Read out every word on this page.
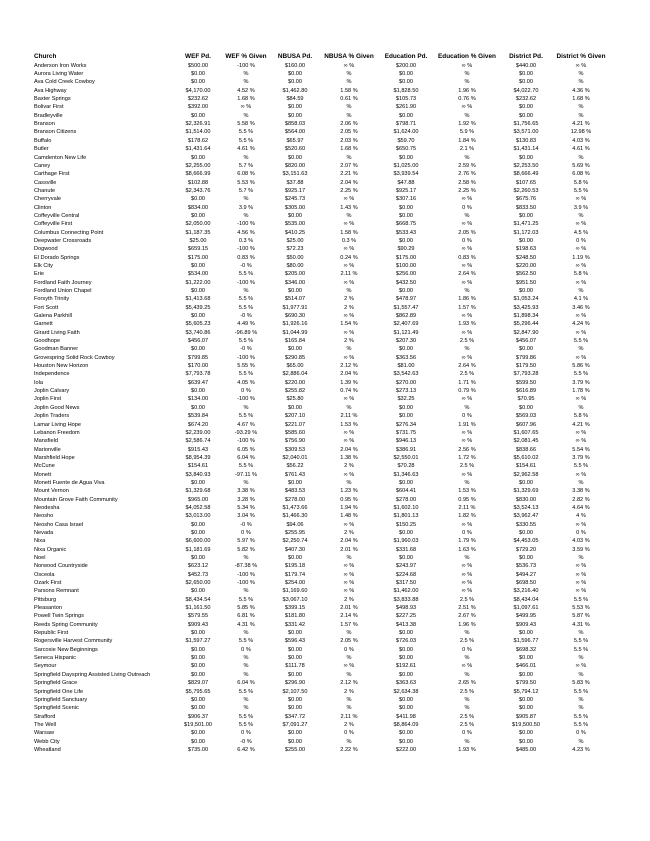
Church	WEF Pd.	WEF % Given	NBUSA Pd.	NBUSA % Given	Education Pd.	Education % Given	District Pd.	District % Given
Anderson Iron Works	$500.00	-100 %	$160.00	∞ %	$200.00	∞ %	$440.00	∞ %
Aurora Living Water	$0.00	%	$0.00	%	$0.00	%	$0.00	%
Ava Cold Creek Cowboy	$0.00	%	$0.00	%	$0.00	%	$0.00	%
Ava Highway	$4,170.00	4.52 %	$1,462.80	1.58 %	$1,828.50	1.96 %	$4,022.70	4.36 %
Baxter Springs	$232.62	1.68 %	$84.59	0.61 %	$105.73	0.76 %	$232.62	1.68 %
Bolivar First	$392.00	∞ %	$0.00	%	$261.90	∞ %	$0.00	%
Bradleyville	$0.00	%	$0.00	%	$0.00	%	$0.00	%
Branson	$2,326.91	5.58 %	$858.03	2.06 %	$798.71	1.92 %	$1,756.65	4.21 %
Branson Citizens	$1,514.00	5.5 %	$564.00	2.05 %	$1,624.00	5.9 %	$3,571.00	12.98 %
Buffalo	$178.62	5.5 %	$65.97	2.03 %	$59.70	1.84 %	$130.83	4.03 %
Butler	$1,431.64	4.61 %	$520.60	1.68 %	$650.75	2.1 %	$1,431.14	4.61 %
Camdenton New Life	$0.00	%	$0.00	%	$0.00	%	$0.00	%
Caney	$2,255.00	5.7 %	$820.00	2.07 %	$1,025.00	2.59 %	$2,253.50	5.69 %
Carthage First	$8,666.99	6.08 %	$3,151.63	2.21 %	$3,939.54	2.76 %	$8,666.49	6.08 %
Cassville	$102.88	5.53 %	$37.88	2.04 %	$47.88	2.58 %	$107.65	5.8 %
Chanute	$2,343.76	5.7 %	$925.17	2.25 %	$925.17	2.25 %	$2,260.53	5.5 %
Cherryvale	$0.00	%	$245.73	∞ %	$307.16	∞ %	$675.76	∞ %
Clinton	$834.00	3.9 %	$305.00	1.43 %	$0.00	0 %	$833.50	3.9 %
Coffeyville Central	$0.00	%	$0.00	%	$0.00	%	$0.00	%
Coffeyville First	$2,050.00	-100 %	$535.00	∞ %	$668.75	∞ %	$1,471.25	∞ %
Columbus Connecting Point	$1,187.35	4.56 %	$410.25	1.58 %	$533.43	2.05 %	$1,172.03	4.5 %
Deepwater Crossroads	$25.00	0.3 %	$25.00	0.3 %	$0.00	0 %	$0.00	0 %
Dogwood	$659.15	-100 %	$72.23	∞ %	$90.29	∞ %	$198.63	∞ %
El Dorado Springs	$175.00	0.83 %	$50.00	0.24 %	$175.00	0.83 %	$248.50	1.19 %
Elk City	$0.00	-0 %	$80.00	∞ %	$100.00	∞ %	$220.00	∞ %
Erie	$534.00	5.5 %	$205.00	2.11 %	$256.00	2.64 %	$562.50	5.8 %
Fordland Faith Journey	$1,222.00	-100 %	$346.00	∞ %	$432.50	∞ %	$951.50	∞ %
Fordland Union Chapel	$0.00	%	$0.00	%	$0.00	%	$0.00	%
Forsyth Trinity	$1,413.68	5.5 %	$514.07	2 %	$478.97	1.86 %	$1,053.24	4.1 %
Fort Scott	$5,439.25	5.5 %	$1,977.91	2 %	$1,557.47	1.57 %	$3,425.93	3.46 %
Galena Parkhill	$0.00	-0 %	$690.30	∞ %	$862.89	∞ %	$1,898.34	∞ %
Garnett	$5,605.23	4.49 %	$1,926.16	1.54 %	$2,407.69	1.93 %	$5,296.44	4.24 %
Girard Living Faith	$3,740.86	-96.89 %	$1,044.99	∞ %	$1,121.49	∞ %	$2,847.90	∞ %
Goodhope	$456.07	5.5 %	$165.84	2 %	$207.30	2.5 %	$456.07	5.5 %
Goodman Banner	$0.00	-0 %	$0.00	%	$0.00	%	$0.00	%
Grovespring Solid Rock Cowboy	$799.85	-100 %	$290.85	∞ %	$363.56	∞ %	$799.86	∞ %
Houston New Horizon	$170.00	5.55 %	$65.00	2.12 %	$81.00	2.64 %	$179.50	5.86 %
Independence	$7,793.78	5.5 %	$2,886.04	2.04 %	$3,542.63	2.5 %	$7,793.28	5.5 %
Iola	$639.47	4.05 %	$220.00	1.39 %	$270.00	1.71 %	$599.50	3.79 %
Joplin Calvary	$0.00	0 %	$255.82	0.74 %	$273.13	0.79 %	$616.89	1.78 %
Joplin First	$134.00	-100 %	$25.80	∞ %	$32.25	∞ %	$70.95	∞ %
Joplin Good News	$0.00	%	$0.00	%	$0.00	%	$0.00	%
Joplin Traders	$539.84	5.5 %	$207.10	2.11 %	$0.00	0 %	$569.03	5.8 %
Lamar Living Hope	$674.20	4.67 %	$221.07	1.53 %	$276.34	1.91 %	$607.96	4.21 %
Lebanon Freedom	$2,239.00	-93.29 %	$585.60	∞ %	$731.75	∞ %	$1,607.65	∞ %
Mansfield	$2,586.74	-100 %	$756.90	∞ %	$946.13	∞ %	$2,081.45	∞ %
Marionville	$915.43	6.05 %	$309.53	2.04 %	$386.91	2.56 %	$838.66	5.54 %
Marshfield Hope	$8,954.39	6.04 %	$2,040.01	1.38 %	$2,550.01	1.72 %	$5,610.02	3.79 %
McCune	$154.61	5.5 %	$56.22	2 %	$70.28	2.5 %	$154.61	5.5 %
Monett	$3,840.93	-97.11 %	$761.43	∞ %	$1,346.63	∞ %	$2,962.58	∞ %
Monett Fuente de Agua Viva	$0.00	%	$0.00	%	$0.00	%	$0.00	%
Mount Vernon	$1,329.68	3.38 %	$483.53	1.23 %	$604.41	1.53 %	$1,329.69	3.38 %
Mountain Grove Faith Community	$965.00	3.28 %	$278.00	0.95 %	$278.00	0.95 %	$830.00	2.82 %
Neodesha	$4,052.58	5.34 %	$1,473.66	1.94 %	$1,602.10	2.11 %	$3,524.13	4.64 %
Neosho	$3,013.00	3.04 %	$1,466.30	1.48 %	$1,801.13	1.82 %	$3,962.47	4 %
Neosho Casa Israel	$0.00	-0 %	$94.06	∞ %	$150.25	∞ %	$330.55	∞ %
Nevada	$0.00	0 %	$255.95	2 %	$0.00	0 %	$0.00	0 %
Nixa	$6,600.00	5.97 %	$2,250.74	2.04 %	$1,960.03	1.79 %	$4,453.05	4.03 %
Nixa Organic	$1,181.69	5.82 %	$407.30	2.01 %	$331.68	1.63 %	$729.20	3.59 %
Noel	$0.00	%	$0.00	%	$0.00	%	$0.00	%
Norwood Countryside	$623.12	-87.38 %	$195.18	∞ %	$243.97	∞ %	$536.73	∞ %
Osceola	$452.73	-100 %	$179.74	∞ %	$224.68	∞ %	$494.27	∞ %
Ozark First	$2,650.00	-100 %	$254.00	∞ %	$317.50	∞ %	$698.50	∞ %
Parsons Remnant	$0.00	%	$1,169.60	∞ %	$1,462.00	∞ %	$3,216.40	∞ %
Pittsburg	$8,434.54	5.5 %	$3,067.10	2 %	$3,833.88	2.5 %	$8,434.04	5.5 %
Pleasanton	$1,161.50	5.85 %	$399.15	2.01 %	$498.93	2.51 %	$1,097.61	5.53 %
Powell Twin Springs	$579.55	6.81 %	$181.80	2.14 %	$227.25	2.67 %	$499.95	5.87 %
Reeds Spring Community	$909.43	4.31 %	$331.42	1.57 %	$413.38	1.96 %	$909.43	4.31 %
Republic First	$0.00	%	$0.00	%	$0.00	%	$0.00	%
Rogersville Harvest Community	$1,597.27	5.5 %	$596.43	2.05 %	$726.03	2.5 %	$1,596.77	5.5 %
Sarcoxie New Beginnings	$0.00	0 %	$0.00	0 %	$0.00	0 %	$698.32	5.5 %
Seneca Hispanic	$0.00	%	$0.00	%	$0.00	%	$0.00	%
Seymour	$0.00	%	$111.78	∞ %	$192.61	∞ %	$466.01	∞ %
Springfield Dayspring Assisted Living Outreach	$0.00	%	$0.00	%	$0.00	%	$0.00	%
Springfield Grace	$829.07	6.04 %	$296.90	2.12 %	$363.63	2.65 %	$799.50	5.83 %
Springfield One Life	$5,795.65	5.5 %	$2,107.50	2 %	$2,634.38	2.5 %	$5,794.12	5.5 %
Springfield Sanctuary	$0.00	%	$0.00	%	$0.00	%	$0.00	%
Springfield Scenic	$0.00	%	$0.00	%	$0.00	%	$0.00	%
Strafford	$906.37	5.5 %	$347.72	2.11 %	$411.98	2.5 %	$905.87	5.5 %
The Well	$19,501.00	5.5 %	$7,091.27	2 %	$8,864.09	2.5 %	$19,500.50	5.5 %
Warsaw	$0.00	0 %	$0.00	0 %	$0.00	0 %	$0.00	0 %
Webb City	$0.00	-0 %	$0.00	%	$0.00	%	$0.00	%
Wheatland	$735.00	6.42 %	$255.00	2.22 %	$222.00	1.93 %	$485.00	4.23 %
